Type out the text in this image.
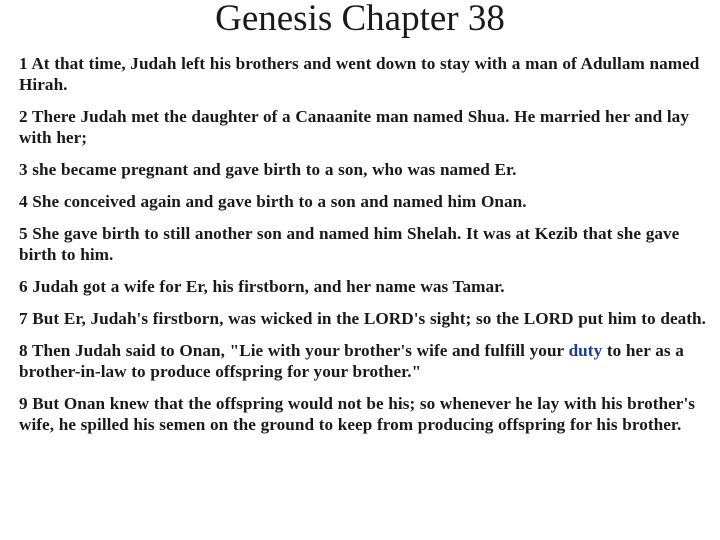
Genesis Chapter 38

1 At that time, Judah left his brothers and went down to stay with a man of Adullam named Hirah.

2 There Judah met the daughter of a Canaanite man named Shua. He married her and lay with her;

3 she became pregnant and gave birth to a son, who was named Er.

4 She conceived again and gave birth to a son and named him Onan.

5 She gave birth to still another son and named him Shelah. It was at Kezib that she gave birth to him.

6 Judah got a wife for Er, his firstborn, and her name was Tamar.

7 But Er, Judah's firstborn, was wicked in the LORD's sight; so the LORD put him to death.

8 Then Judah said to Onan, "Lie with your brother's wife and fulfill your duty to her as a brother-in-law to produce offspring for your brother."

9 But Onan knew that the offspring would not be his; so whenever he lay with his brother's wife, he spilled his semen on the ground to keep from producing offspring for his brother.
